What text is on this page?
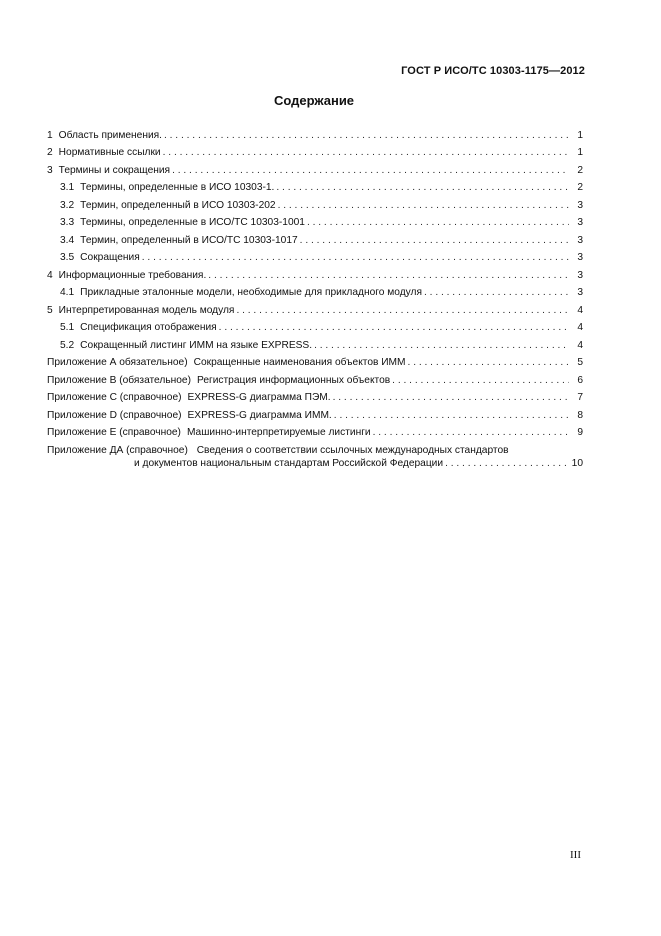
ГОСТ Р ИСО/ТС 10303-1175—2012
Содержание
1 Область применения. . . .	1
2 Нормативные ссылки . . .	1
3 Термины и сокращения . . .	2
3.1 Термины, определенные в ИСО 10303-1. . . .	2
3.2 Термин, определенный в ИСО 10303-202 . . .	3
3.3 Термины, определенные в ИСО/ТС 10303-1001 . . .	3
3.4 Термин, определенный в ИСО/ТС 10303-1017 . . .	3
3.5 Сокращения . . .	3
4 Информационные требования. . . .	3
4.1 Прикладные эталонные модели, необходимые для прикладного модуля . . .	3
5 Интерпретированная модель модуля . . .	4
5.1 Спецификация отображения . . .	4
5.2 Сокращенный листинг ИММ на языке EXPRESS. . . .	4
Приложение А обязательное) Сокращенные наименования объектов ИММ . . .	5
Приложение В (обязательное) Регистрация информационных объектов . . .	6
Приложение С (справочное) EXPRESS-G диаграмма ПЭМ. . . .	7
Приложение D (справочное) EXPRESS-G диаграмма ИММ. . . .	8
Приложение Е (справочное) Машинно-интерпретируемые листинги . . .	9
Приложение ДА (справочное) Сведения о соответствии ссылочных международных стандартов
и документов национальным стандартам Российской Федерации . . .	10
III
